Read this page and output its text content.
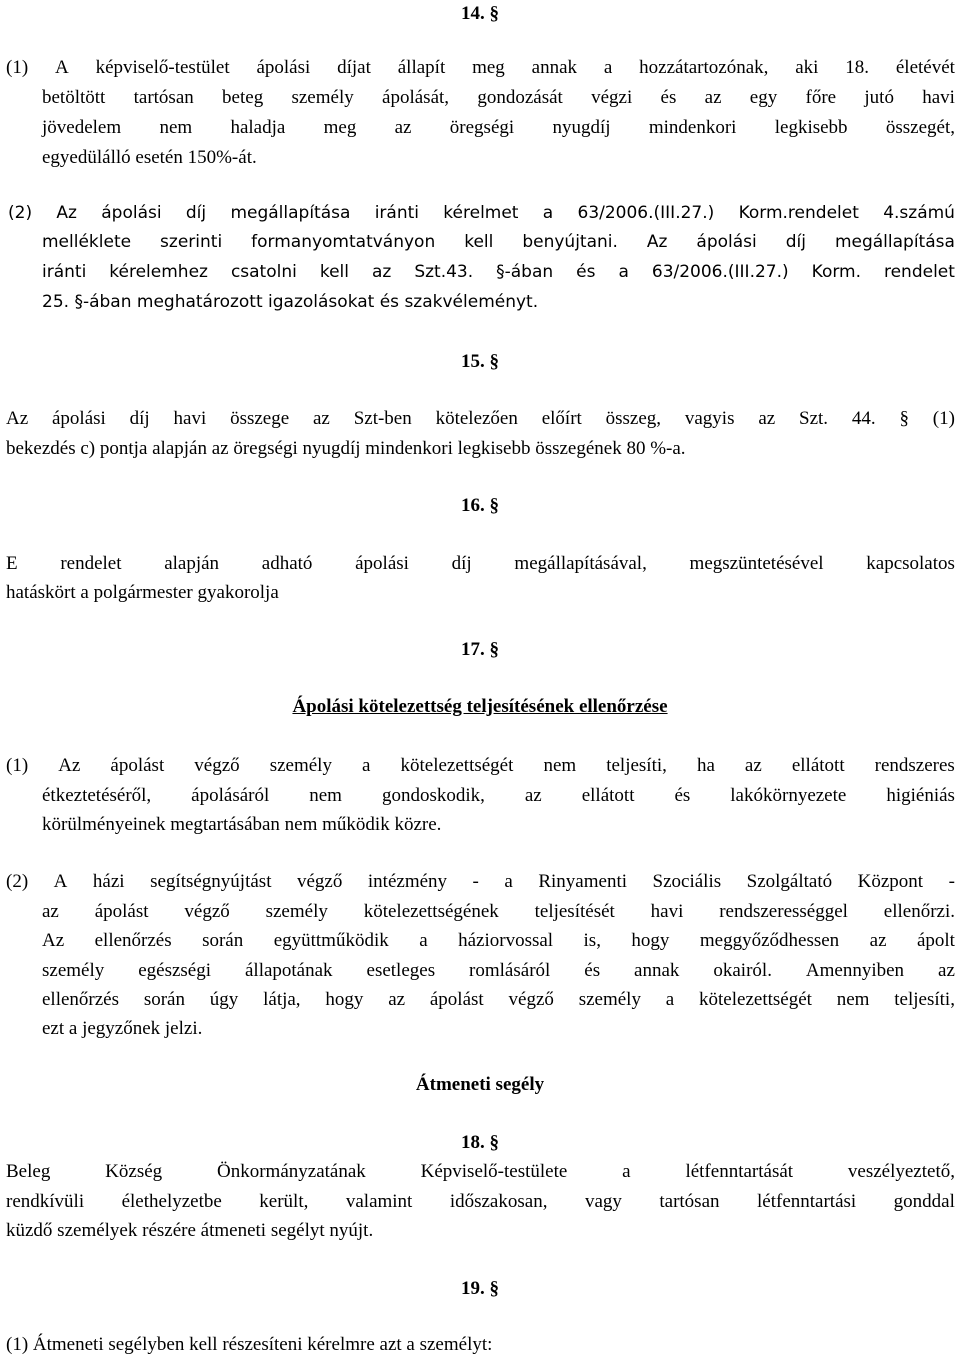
14. §
(1) A képviselő-testület ápolási díjat állapít meg annak a hozzátartozónak, aki 18. életévét
betöltött tartósan beteg személy ápolását, gondozását végzi és az egy főre jutó havi
jövedelem nem haladja meg az öregségi nyugdíj mindenkori legkisebb összegét,
egyedülálló esetén 150%-át.
(2) Az ápolási díj megállapítása iránti kérelmet a 63/2006.(III.27.) Korm.rendelet 4.számú
melléklete szerinti formanyomtatványon kell benyújtani. Az ápolási díj megállapítása
iránti kérelemhez csatolni kell az Szt.43. §-ában és a 63/2006.(III.27.) Korm. rendelet
25. §-ában meghatározott igazolásokat és szakvéleményt.
15. §
Az ápolási díj havi összege az Szt-ben kötelezően előírt összeg, vagyis az Szt. 44. § (1)
bekezdés c) pontja alapján az öregségi nyugdíj mindenkori legkisebb összegének 80 %-a.
16. §
E rendelet alapján adható ápolási díj megállapításával, megszüntetésével kapcsolatos
hatáskört a polgármester gyakorolja
17. §
Ápolási kötelezettség teljesítésének ellenőrzése
(1) Az ápolást végző személy a kötelezettségét nem teljesíti, ha az ellátott rendszeres
étkeztetéséről, ápolásáról nem gondoskodik, az ellátott és lakókörnyezete higiéniás
körülményeinek megtartásában nem működik közre.
(2) A házi segítségnyújtást végző intézmény - a Rinyamenti Szociális Szolgáltató Központ -
az ápolást végző személy kötelezettségének teljesítését havi rendszerességgel ellenőrzi.
Az ellenőrzés során együttműködik a háziorvossal is, hogy meggyőződhessen az ápolt
személy egészségi állapotának esetleges romlásáról és annak okairól. Amennyiben az
ellenőrzés során úgy látja, hogy az ápolást végző személy a kötelezettségét nem teljesíti,
ezt a jegyzőnek jelzi.
Átmeneti segély
18. §
Beleg	Község	Önkormányzatának	Képviselő-testülete	a	létfenntartását	veszélyeztető,
rendkívüli élethelyzetbe került, valamint időszakosan, vagy tartósan létfenntartási gonddal
küzdő személyek részére átmeneti segélyt nyújt.
19. §
(1) Átmeneti segélyben kell részesíteni kérelmre azt a személyt:
